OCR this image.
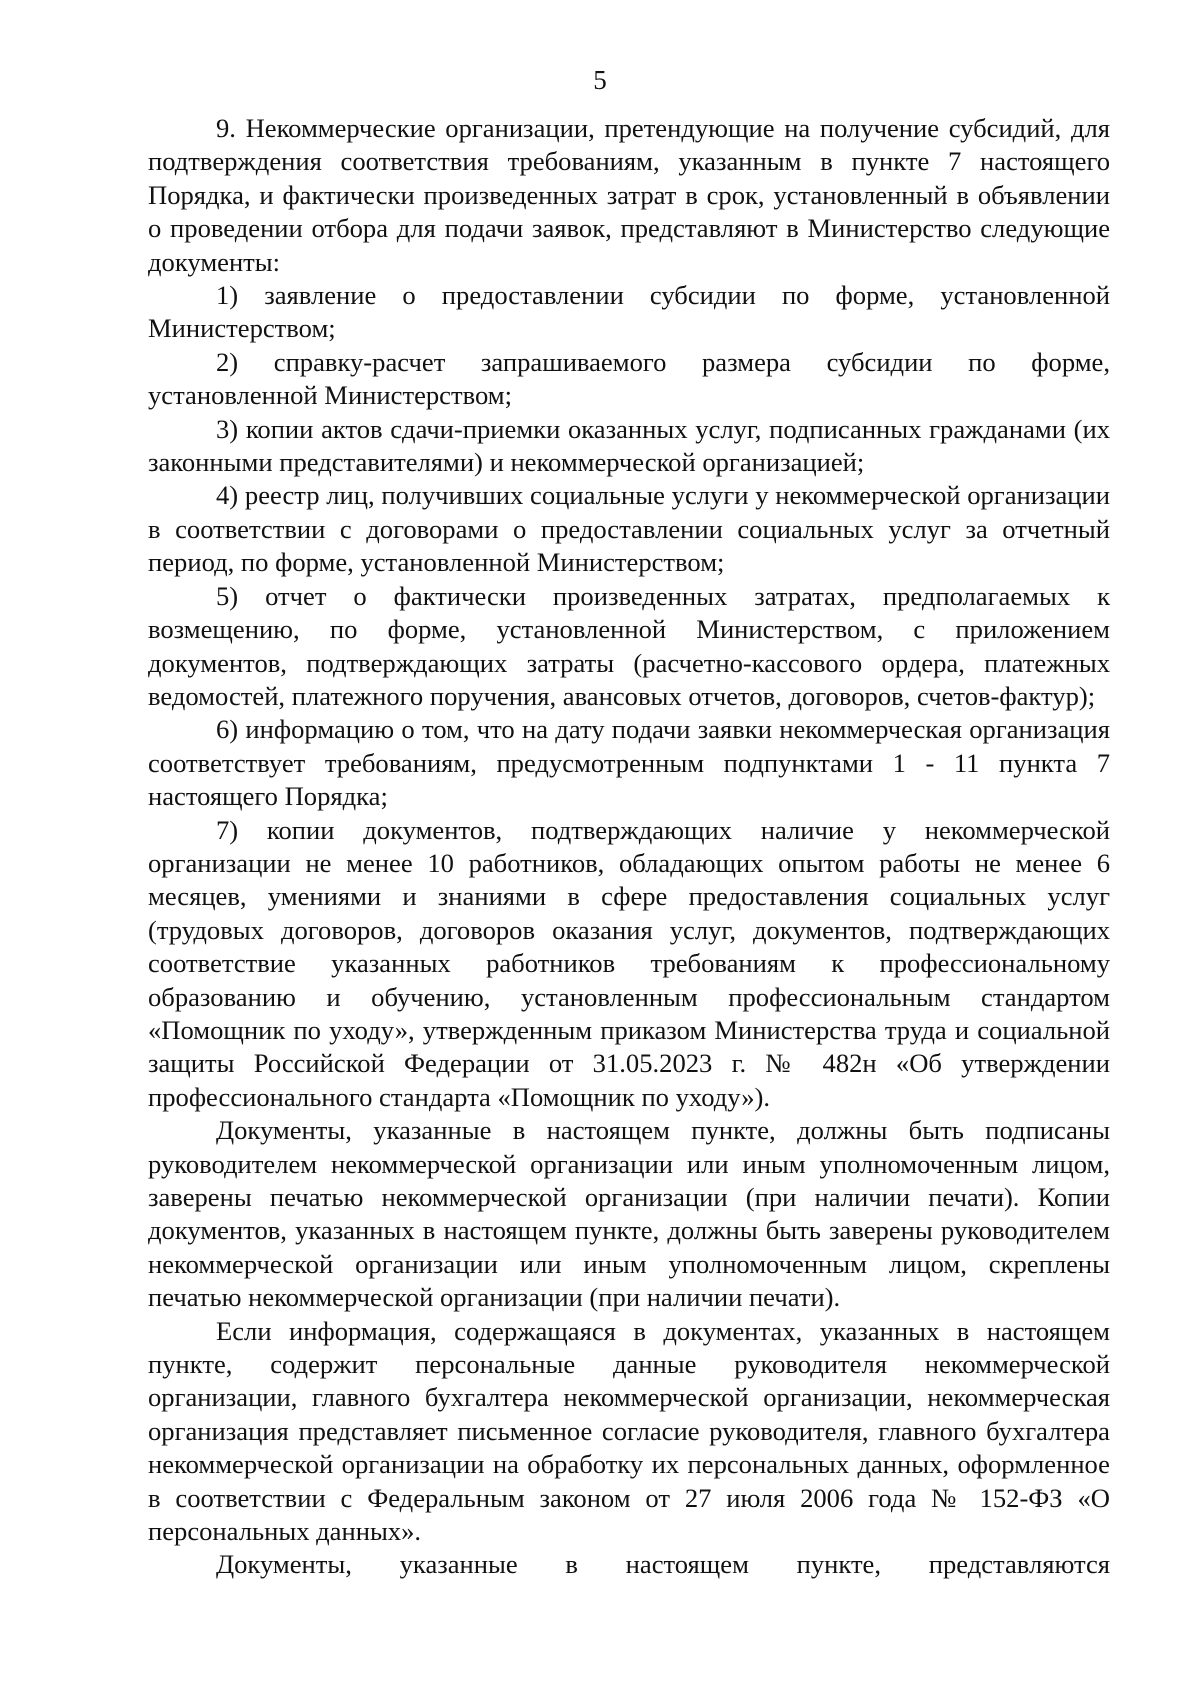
5

9. Некоммерческие организации, претендующие на получение субсидий, для подтверждения соответствия требованиям, указанным в пункте 7 настоящего Порядка, и фактически произведенных затрат в срок, установленный в объявлении о проведении отбора для подачи заявок, представляют в Министерство следующие документы:

1) заявление о предоставлении субсидии по форме, установленной Министерством;

2) справку-расчет запрашиваемого размера субсидии по форме, установленной Министерством;

3) копии актов сдачи-приемки оказанных услуг, подписанных гражданами (их законными представителями) и некоммерческой организацией;

4) реестр лиц, получивших социальные услуги у некоммерческой организации в соответствии с договорами о предоставлении социальных услуг за отчетный период, по форме, установленной Министерством;

5) отчет о фактически произведенных затратах, предполагаемых к возмещению, по форме, установленной Министерством, с приложением документов, подтверждающих затраты (расчетно-кассового ордера, платежных ведомостей, платежного поручения, авансовых отчетов, договоров, счетов-фактур);

6) информацию о том, что на дату подачи заявки некоммерческая организация соответствует требованиям, предусмотренным подпунктами 1 - 11 пункта 7 настоящего Порядка;

7) копии документов, подтверждающих наличие у некоммерческой организации не менее 10 работников, обладающих опытом работы не менее 6 месяцев, умениями и знаниями в сфере предоставления социальных услуг (трудовых договоров, договоров оказания услуг, документов, подтверждающих соответствие указанных работников требованиям к профессиональному образованию и обучению, установленным профессиональным стандартом «Помощник по уходу», утвержденным приказом Министерства труда и социальной защиты Российской Федерации от 31.05.2023 г. № 482н «Об утверждении профессионального стандарта «Помощник по уходу»).

Документы, указанные в настоящем пункте, должны быть подписаны руководителем некоммерческой организации или иным уполномоченным лицом, заверены печатью некоммерческой организации (при наличии печати). Копии документов, указанных в настоящем пункте, должны быть заверены руководителем некоммерческой организации или иным уполномоченным лицом, скреплены печатью некоммерческой организации (при наличии печати).

Если информация, содержащаяся в документах, указанных в настоящем пункте, содержит персональные данные руководителя некоммерческой организации, главного бухгалтера некоммерческой организации, некоммерческая организация представляет письменное согласие руководителя, главного бухгалтера некоммерческой организации на обработку их персональных данных, оформленное в соответствии с Федеральным законом от 27 июля 2006 года № 152-ФЗ «О персональных данных».

Документы, указанные в настоящем пункте, представляются
